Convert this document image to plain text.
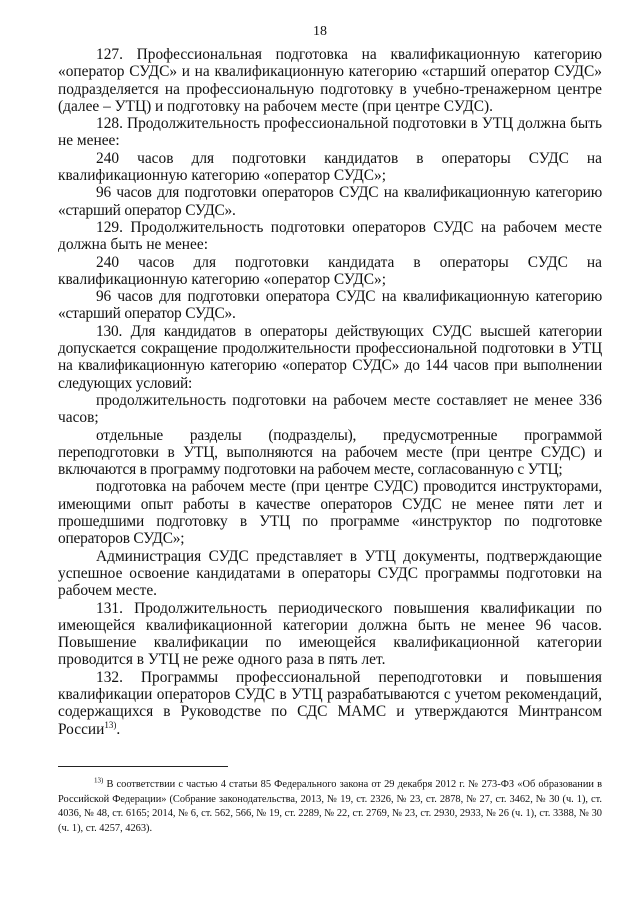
18

127. Профессиональная подготовка на квалификационную категорию «оператор СУДС» и на квалификационную категорию «старший оператор СУДС» подразделяется на профессиональную подготовку в учебно-тренажерном центре (далее – УТЦ) и подготовку на рабочем месте (при центре СУДС).

128. Продолжительность профессиональной подготовки в УТЦ должна быть не менее:

240 часов для подготовки кандидатов в операторы СУДС на квалификационную категорию «оператор СУДС»;

96 часов для подготовки операторов СУДС на квалификационную категорию «старший оператор СУДС».

129. Продолжительность подготовки операторов СУДС на рабочем месте должна быть не менее:

240 часов для подготовки кандидата в операторы СУДС на квалификационную категорию «оператор СУДС»;

96 часов для подготовки оператора СУДС на квалификационную категорию «старший оператор СУДС».

130. Для кандидатов в операторы действующих СУДС высшей категории допускается сокращение продолжительности профессиональной подготовки в УТЦ на квалификационную категорию «оператор СУДС» до 144 часов при выполнении следующих условий:

продолжительность подготовки на рабочем месте составляет не менее 336 часов;

отдельные разделы (подразделы), предусмотренные программой переподготовки в УТЦ, выполняются на рабочем месте (при центре СУДС) и включаются в программу подготовки на рабочем месте, согласованную с УТЦ;

подготовка на рабочем месте (при центре СУДС) проводится инструкторами, имеющими опыт работы в качестве операторов СУДС не менее пяти лет и прошедшими подготовку в УТЦ по программе «инструктор по подготовке операторов СУДС»;

Администрация СУДС представляет в УТЦ документы, подтверждающие успешное освоение кандидатами в операторы СУДС программы подготовки на рабочем месте.

131. Продолжительность периодического повышения квалификации по имеющейся квалификационной категории должна быть не менее 96 часов. Повышение квалификации по имеющейся квалификационной категории проводится в УТЦ не реже одного раза в пять лет.

132. Программы профессиональной переподготовки и повышения квалификации операторов СУДС в УТЦ разрабатываются с учетом рекомендаций, содержащихся в Руководстве по СДС МАМС и утверждаются Минтрансом России$^{13)}$.

$^{13)}$ В соответствии с частью 4 статьи 85 Федерального закона от 29 декабря 2012 г. № 273-ФЗ «Об образовании в Российской Федерации» (Собрание законодательства, 2013, № 19, ст. 2326, № 23, ст. 2878, № 27, ст. 3462, № 30 (ч. 1), ст. 4036, № 48, ст. 6165; 2014, № 6, ст. 562, 566, № 19, ст. 2289, № 22, ст. 2769, № 23, ст. 2930, 2933, № 26 (ч. 1), ст. 3388, № 30 (ч. 1), ст. 4257, 4263).
